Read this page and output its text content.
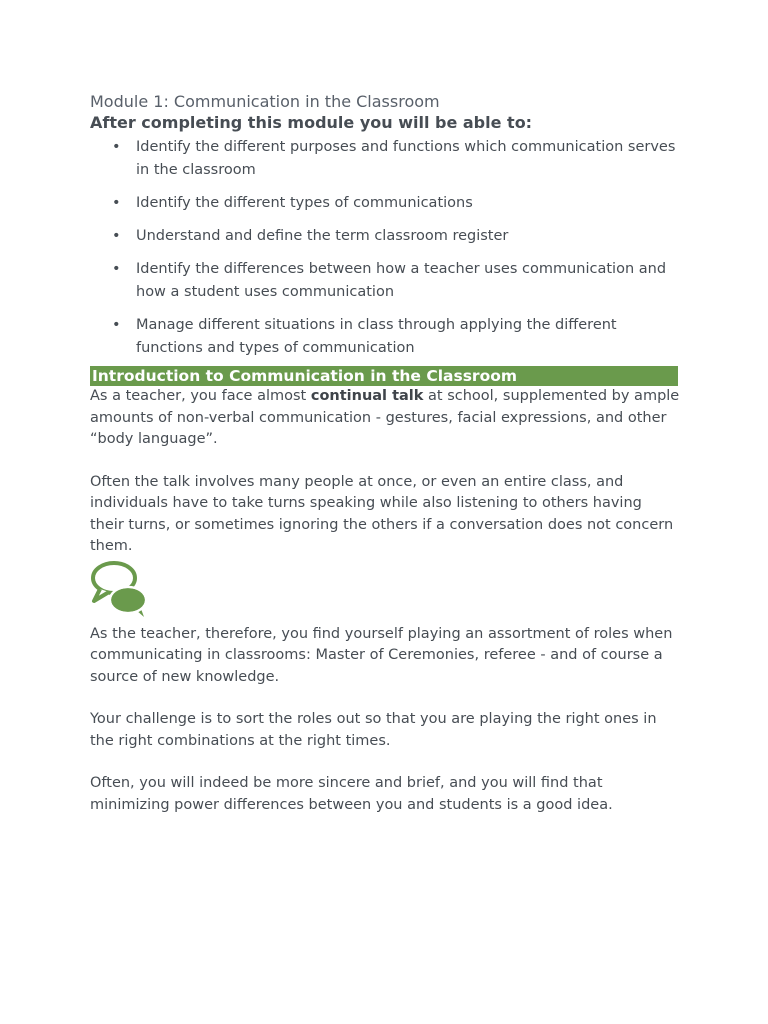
Module 1: Communication in the Classroom

After completing this module you will be able to:

• Identify the different purposes and functions which communication serves in the classroom
• Identify the different types of communications
• Understand and define the term classroom register
• Identify the differences between how a teacher uses communication and how a student uses communication
• Manage different situations in class through applying the different functions and types of communication
Introduction to Communication in the Classroom

As a teacher, you face almost continual talk at school, supplemented by ample amounts of non-verbal communication - gestures, facial expressions, and other “body language”.

Often the talk involves many people at once, or even an entire class, and individuals have to take turns speaking while also listening to others having their turns, or sometimes ignoring the others if a conversation does not concern them.

As the teacher, therefore, you find yourself playing an assortment of roles when communicating in classrooms: Master of Ceremonies, referee - and of course a source of new knowledge.

Your challenge is to sort the roles out so that you are playing the right ones in the right combinations at the right times.

Often, you will indeed be more sincere and brief, and you will find that minimizing power differences between you and students is a good idea.
